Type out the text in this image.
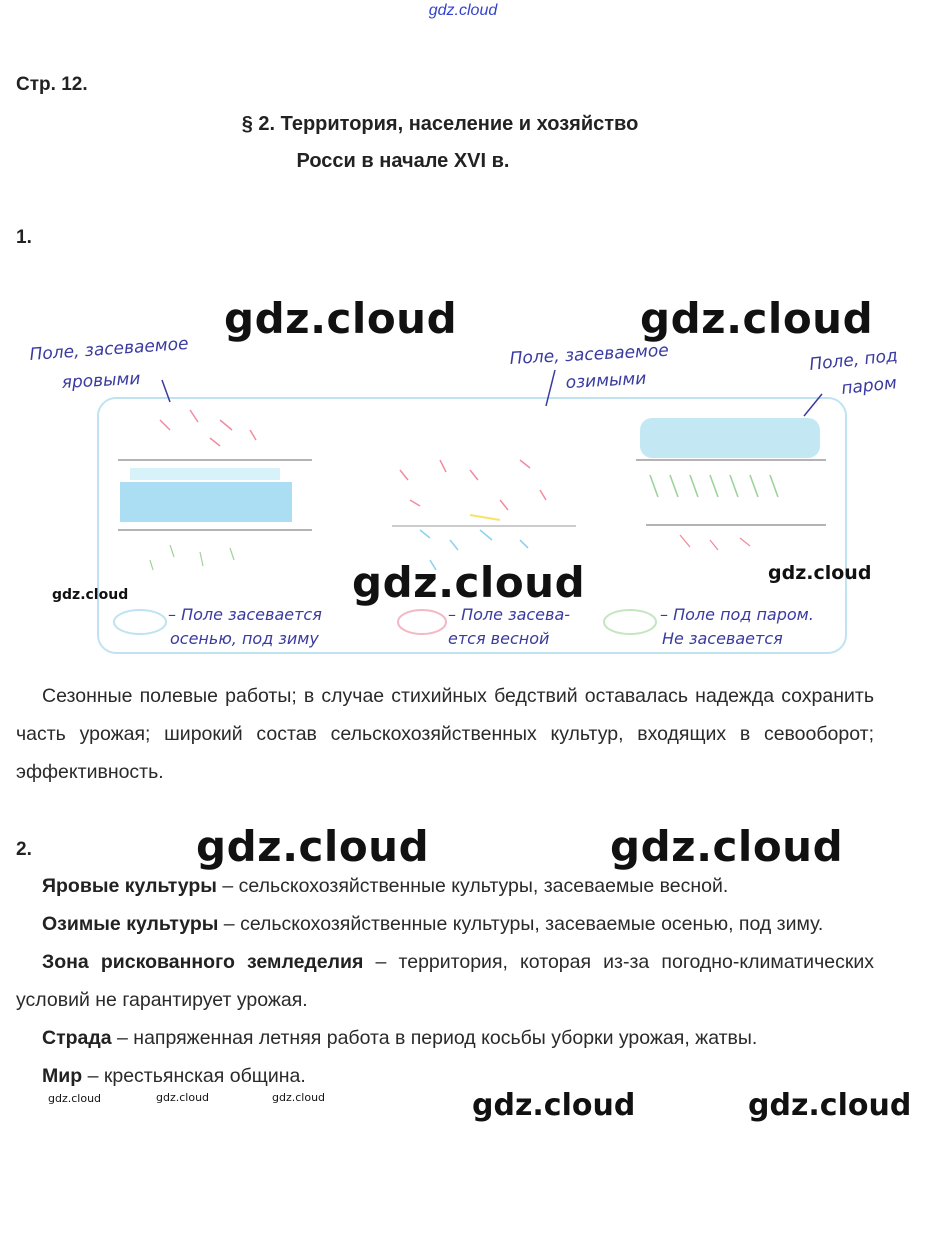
gdz.cloud
Стр. 12.
§ 2. Территория, население и хозяйство
Росси в начале XVI в.
1.
Поле, засеваемое
яровыми
Поле, засеваемое
озимыми
Поле, под
паром
– Поле засевается
осенью, под зиму
– Поле засева-
ется весной
– Поле под паром.
Не засевается
gdz.cloud	gdz.cloud
gdz.cloud	gdz.cloud
gdz.cloud

Сезонные полевые работы; в случае стихийных бедствий оставалась надежда сохранить часть урожая; широкий состав сельскохозяйственных культур, входящих в севооборот; эффективность.

2.	gdz.cloud	gdz.cloud

Яровые культуры – сельскохозяйственные культуры, засеваемые весной.

Озимые культуры – сельскохозяйственные культуры, засеваемые осенью, под зиму.

Зона рискованного земледелия – территория, которая из-за погодно-климатических условий не гарантирует урожая.

Страда – напряженная летняя работа в период косьбы уборки урожая, жатвы.

Мир – крестьянская община.

gdz.cloud	gdz.cloud	gdz.cloud	gdz.cloud	gdz.cloud
